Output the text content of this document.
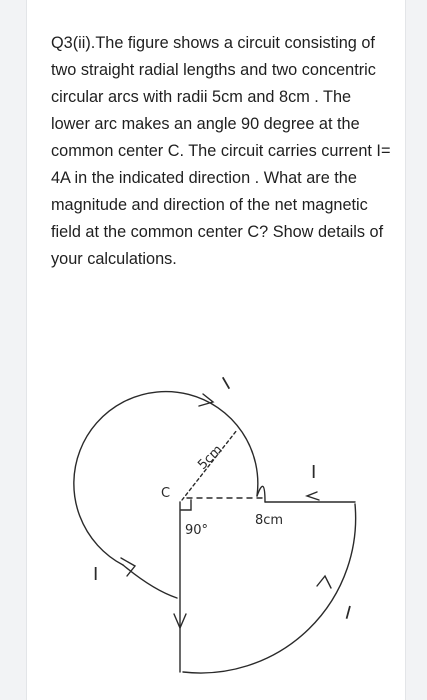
Q3(ii).The figure shows a circuit consisting of two straight radial lengths and two concentric circular arcs with radii 5cm and 8cm . The lower arc makes an angle 90 degree at the common center C. The circuit carries current I= 4A in the indicated direction . What are the magnitude and direction of the net magnetic field at the common center C? Show details of your calculations.

I
I
I
I
C
5cm
8cm
90°
